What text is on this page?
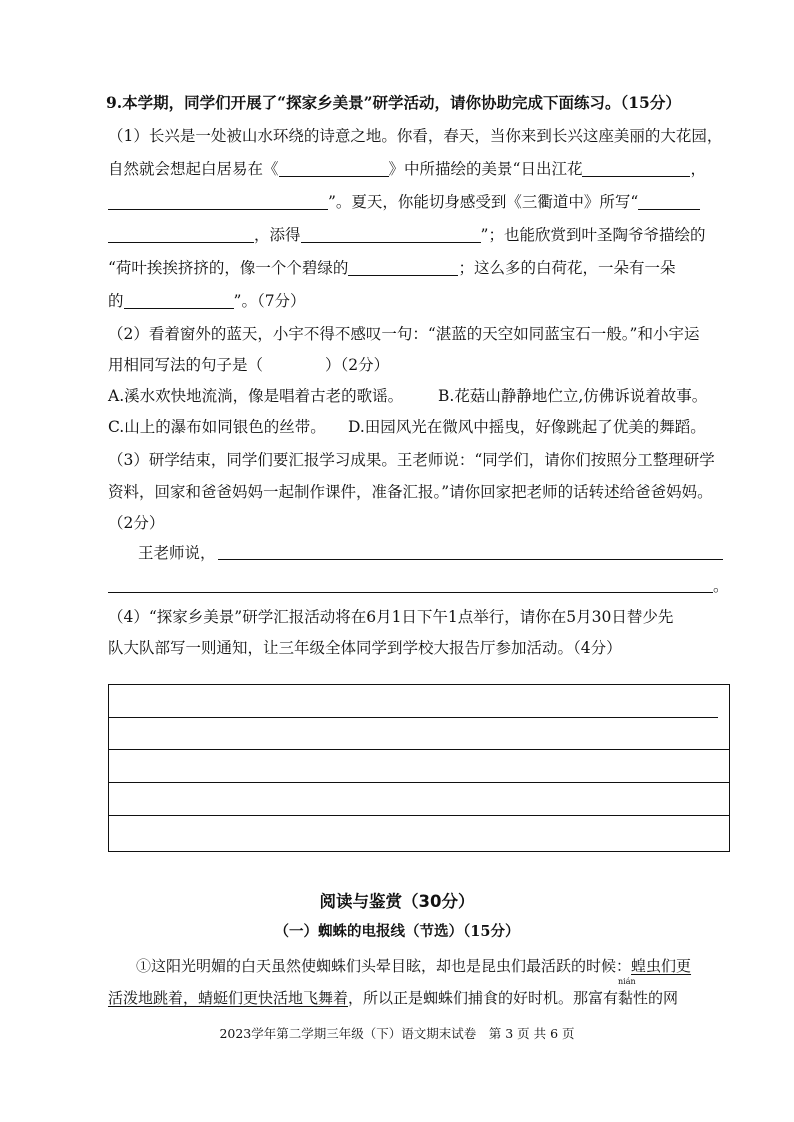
9.本学期，同学们开展了“探家乡美景”研学活动，请你协助完成下面练习。（15分）
（1）长兴是一处被山水环绕的诗意之地。你看，春天，当你来到长兴这座美丽的大花园，
自然就会想起白居易在《	》中所描绘的美景“日出江花	，
”。夏天，你能切身感受到《三衢道中》所写“
，添得	”；也能欣赏到叶圣陶爷爷描绘的
“荷叶挨挨挤挤的，像一个个碧绿的	；这么多的白荷花，一朵有一朵
的	”。（7分）
（2）看着窗外的蓝天，小宇不得不感叹一句：“湛蓝的天空如同蓝宝石一般。”和小宇运
用相同写法的句子是（　　　　）（2分）
A.溪水欢快地流淌，像是唱着古老的歌谣。 B.花菇山静静地伫立,仿佛诉说着故事。
C.山上的瀑布如同银色的丝带。 D.田园风光在微风中摇曳，好像跳起了优美的舞蹈。
（3）研学结束，同学们要汇报学习成果。王老师说：“同学们，请你们按照分工整理研学
资料，回家和爸爸妈妈一起制作课件，准备汇报。”请你回家把老师的话转述给爸爸妈妈。
（2分）
王老师说，
。
（4）“探家乡美景”研学汇报活动将在6月1日下午1点举行，请你在5月30日替少先
队大队部写一则通知，让三年级全体同学到学校大报告厅参加活动。（4分）
阅读与鉴赏（30分）
（一）蜘蛛的电报线（节选）（15分）
①这阳光明媚的白天虽然使蜘蛛们头晕目眩，却也是昆虫们最活跃的时候：蝗虫们更
活泼地跳着，蜻蜓们更快活地飞舞着，所以正是蜘蛛们捕食的好时机。那富有
nián
黏性的网
2023学年第二学期三年级（下）语文期末试卷　第 3 页 共 6 页
